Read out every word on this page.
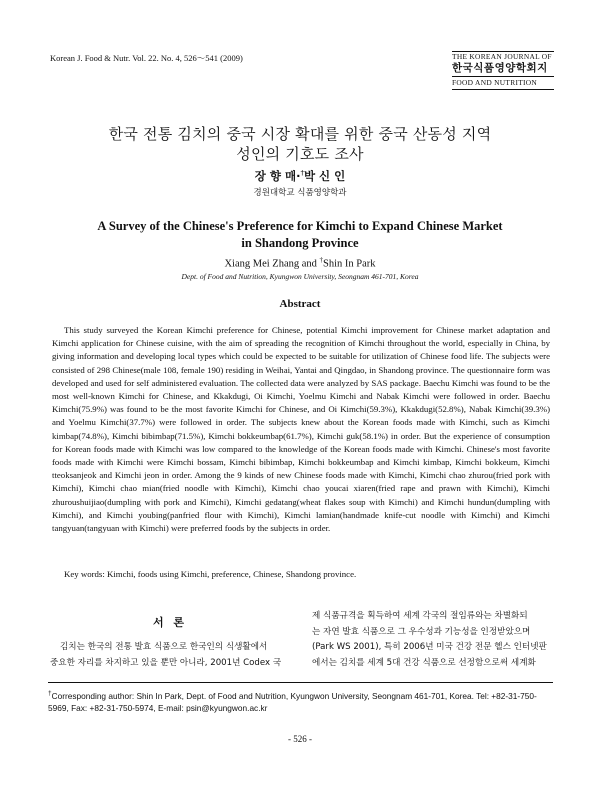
Korean J. Food & Nutr. Vol. 22. No. 4, 526～541 (2009)	THE KOREAN JOURNAL OF
한국식품영양학회지
FOOD AND NUTRITION
한국 전통 김치의 중국 시장 확대를 위한 중국 산동성 지역
성인의 기호도 조사
장 향 매·†박 신 인
경원대학교 식품영양학과
A Survey of the Chinese's Preference for Kimchi to Expand Chinese Market
in Shandong Province
Xiang Mei Zhang and †Shin In Park
Dept. of Food and Nutrition, Kyungwon University, Seongnam 461-701, Korea
Abstract

This study surveyed the Korean Kimchi preference for Chinese, potential Kimchi improvement for Chinese market adaptation and Kimchi application for Chinese cuisine, with the aim of spreading the recognition of Kimchi throughout the world, especially in China, by giving information and developing local types which could be expected to be suitable for utilization of Chinese food life. The subjects were consisted of 298 Chinese(male 108, female 190) residing in Weihai, Yantai and Qingdao, in Shandong province. The questionnaire form was developed and used for self administered evaluation. The collected data were analyzed by SAS package. Baechu Kimchi was found to be the most well-known Kimchi for Chinese, and Kkakdugi, Oi Kimchi, Yoelmu Kimchi and Nabak Kimchi were followed in order. Baechu Kimchi(75.9%) was found to be the most favorite Kimchi for Chinese, and Oi Kimchi(59.3%), Kkakdugi(52.8%), Nabak Kimchi(39.3%) and Yoelmu Kimchi(37.7%) were followed in order. The subjects knew about the Korean foods made with Kimchi, such as Kimchi kimbap(74.8%), Kimchi bibimbap(71.5%), Kimchi bokkeumbap(61.7%), Kimchi guk(58.1%) in order. But the experience of consumption for Korean foods made with Kimchi was low compared to the knowledge of the Korean foods made with Kimchi. Chinese's most favorite foods made with Kimchi were Kimchi bossam, Kimchi bibimbap, Kimchi bokkeumbap and Kimchi kimbap, Kimchi bokkeum, Kimchi tteoksanjeok and Kimchi jeon in order. Among the 9 kinds of new Chinese foods made with Kimchi, Kimchi chao zhurou(fried pork with Kimchi), Kimchi chao mian(fried noodle with Kimchi), Kimchi chao youcai xiaren(fried rape and prawn with Kimchi), Kimchi zhuroushuijiao(dumpling with pork and Kimchi), Kimchi gedatang(wheat flakes soup with Kimchi) and Kimchi hundun(dumpling with Kimchi), and Kimchi youbing(panfried flour with Kimchi), Kimchi lamian(handmade knife-cut noodle with Kimchi) and Kimchi tangyuan(tangyuan with Kimchi) were preferred foods by the subjects in order.

Key words: Kimchi, foods using Kimchi, preference, Chinese, Shandong province.
서 론

김치는 한국의 전통 발효 식품으로 한국인의 식생활에서

중요한 자리를 차지하고 있을 뿐만 아니라, 2001년 Codex 국
제 식품규격을 획득하여 세계 각국의 절임류와는 차별화되
는 자연 발효 식품으로 그 우수성과 기능성을 인정받았으며
(Park WS 2001), 특히 2006년 미국 건강 전문 헬스 인터넷판
에서는 김치를 세계 5대 건강 식품으로 선정함으로써 세계화
†Corresponding author: Shin In Park, Dept. of Food and Nutrition, Kyungwon University, Seongnam 461-701, Korea. Tel: +82-31-750-5969, Fax: +82-31-750-5974, E-mail: psin@kyungwon.ac.kr
- 526 -
